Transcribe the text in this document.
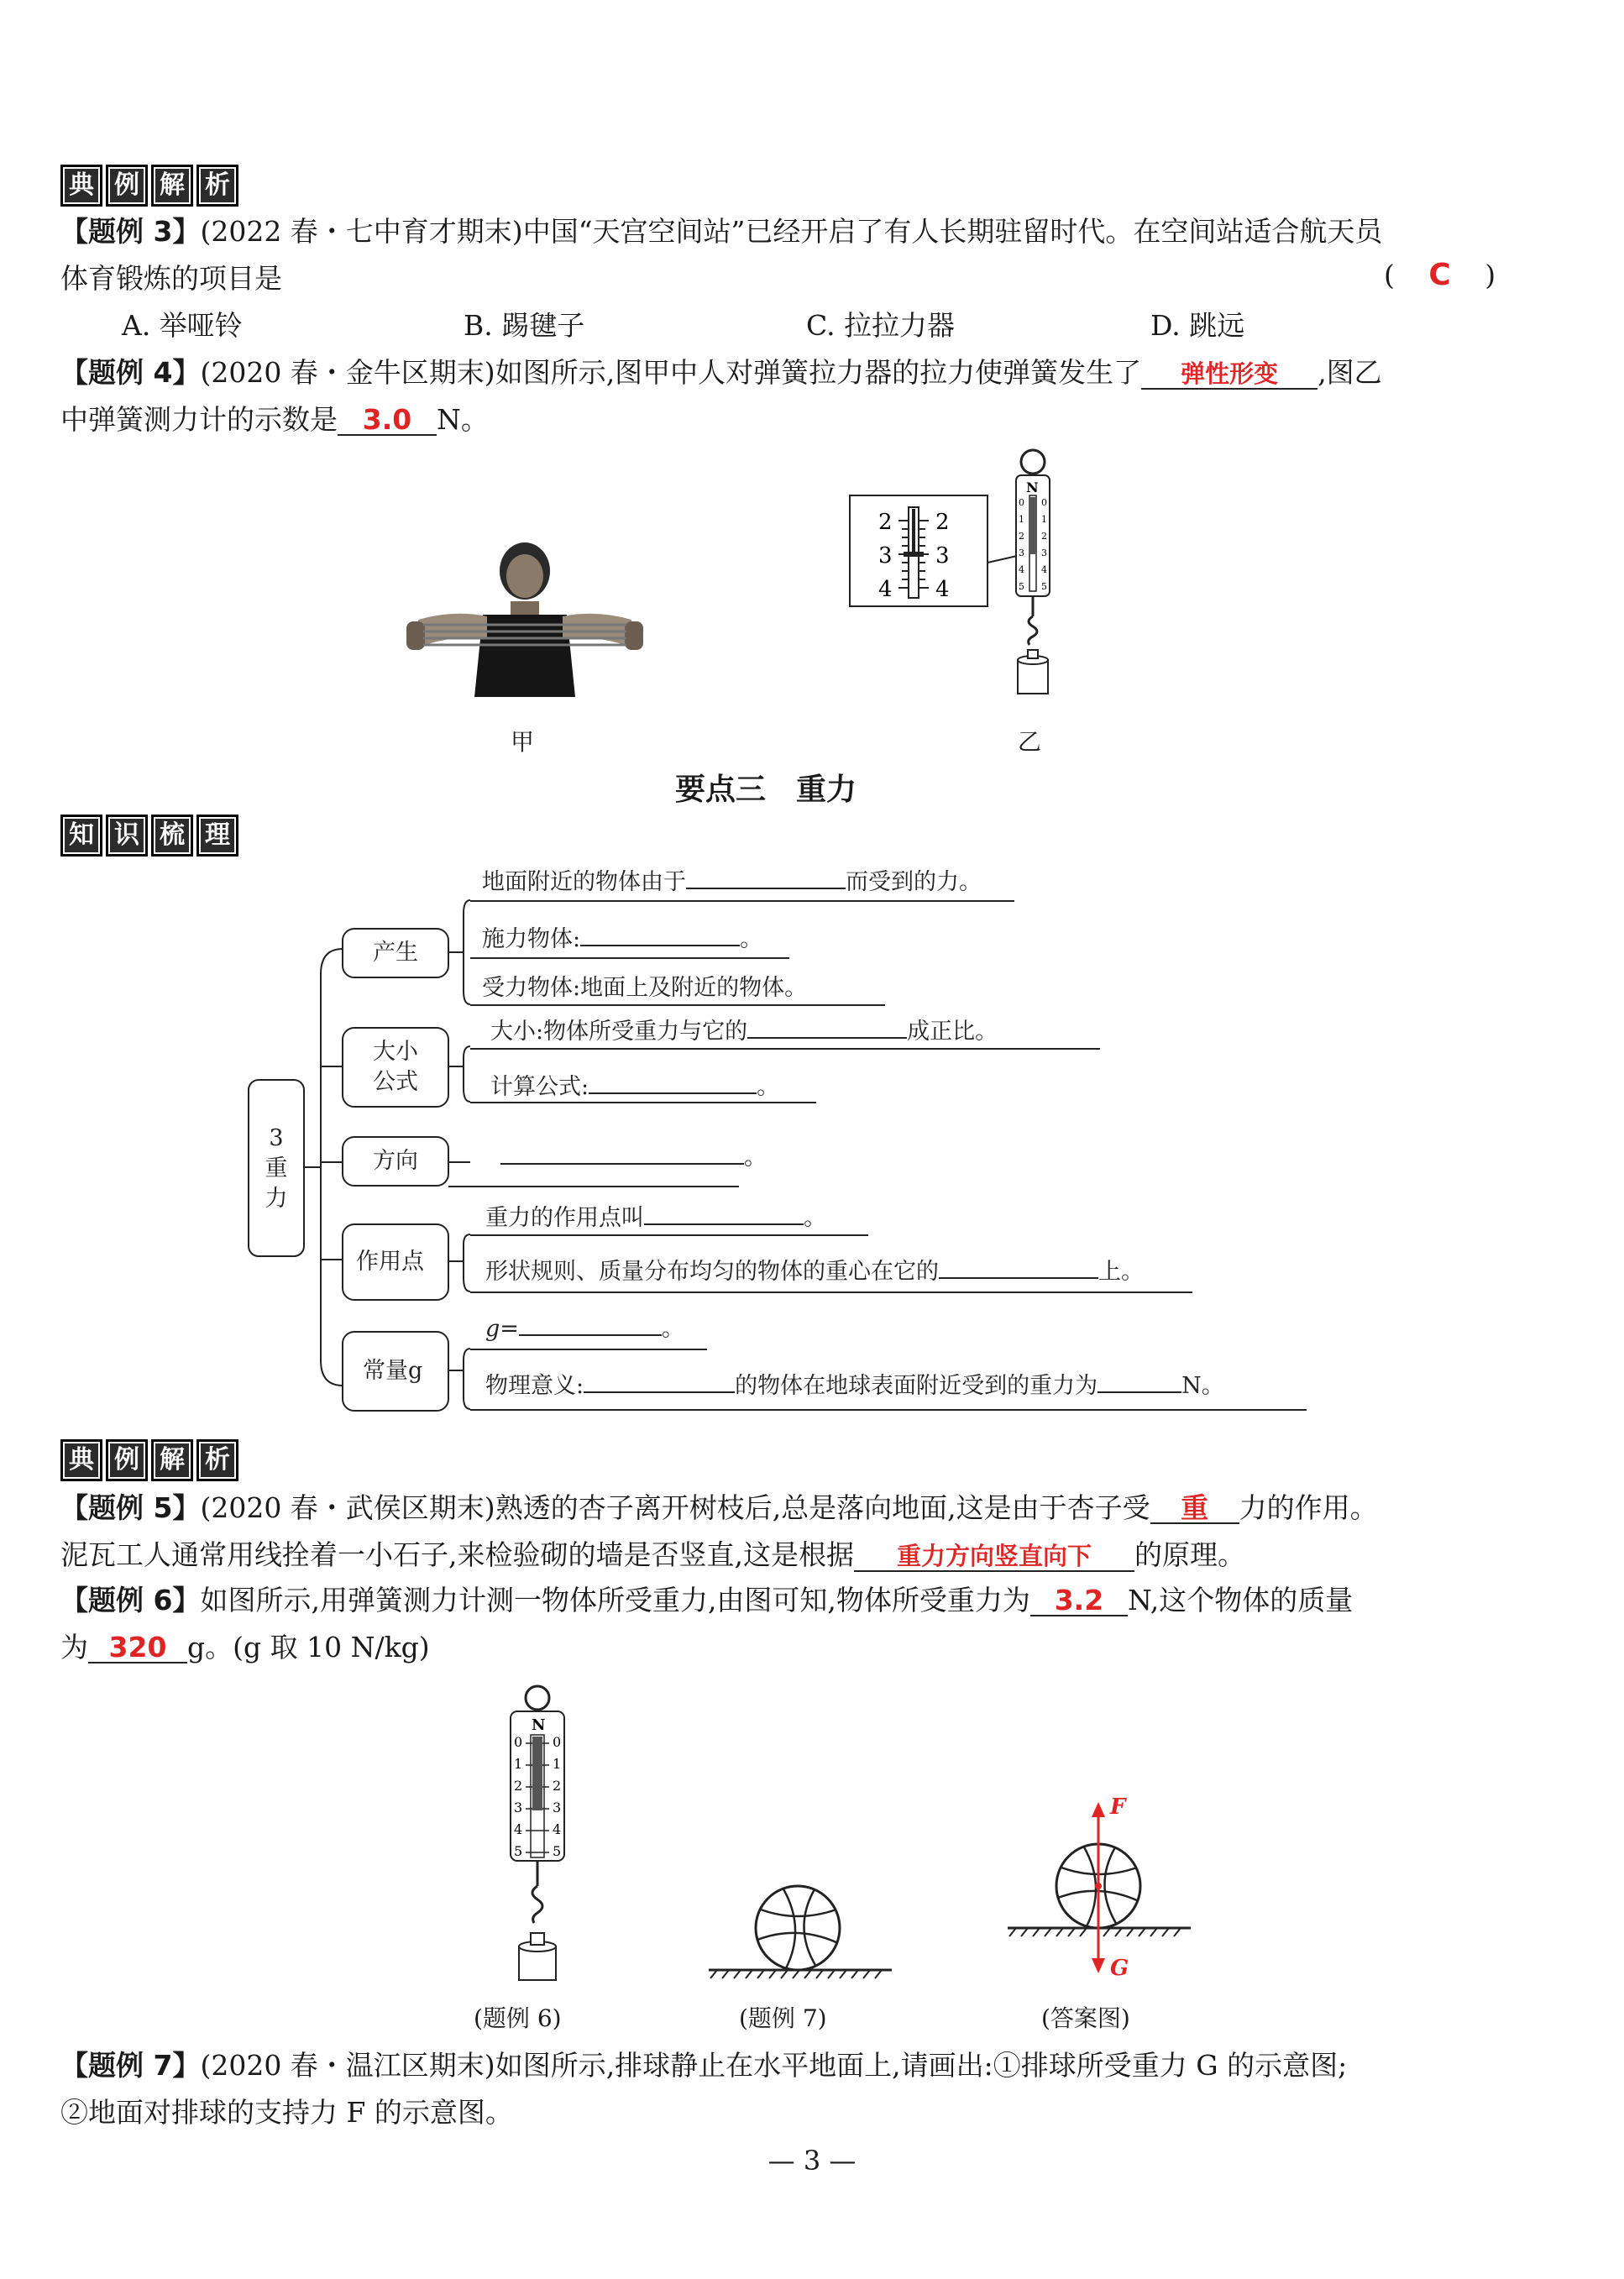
典 例 解 析
【题例 3】(2022 春・七中育才期末)中国“天宫空间站”已经开启了有人长期驻留时代。在空间站适合航天员
体育锻炼的项目是	( C )
A. 举哑铃	B. 踢毽子	C. 拉拉力器	D. 跳远
【题例 4】(2020 春・金牛区期末)如图所示,图甲中人对弹簧拉力器的拉力使弹簧发生了 弹性形变 ,图乙
中弹簧测力计的示数是 3.0 N。
甲
2
3
4
2
3
4
N
0
1
2
3
4
5
0
1
2
3
4
5
乙
要点三　重力
知 识 梳 理
3
重
力
产生
大小
公式
方向
作用点
常量g
地面附近的物体由于	而受到的力。
施力物体:	。
受力物体:地面上及附近的物体。
大小:物体所受重力与它的	成正比。
计算公式:	。
。
重力的作用点叫	。
形状规则、质量分布均匀的物体的重心在它的	上。
g=	。
物理意义:	的物体在地球表面附近受到的重力为	N。
典 例 解 析
【题例 5】(2020 春・武侯区期末)熟透的杏子离开树枝后,总是落向地面,这是由于杏子受 重 力的作用。
泥瓦工人通常用线拴着一小石子,来检验砌的墙是否竖直,这是根据 重力方向竖直向下 的原理。
【题例 6】如图所示,用弹簧测力计测一物体所受重力,由图可知,物体所受重力为 3.2 N,这个物体的质量
为 320 g。(g 取 10 N/kg)
N
0
1
2
3
4
5
0
1
2
3
4
5
F
G
(题例 6)	(题例 7)	(答案图)
【题例 7】(2020 春・温江区期末)如图所示,排球静止在水平地面上,请画出:①排球所受重力 G 的示意图;
②地面对排球的支持力 F 的示意图。
— 3 —
